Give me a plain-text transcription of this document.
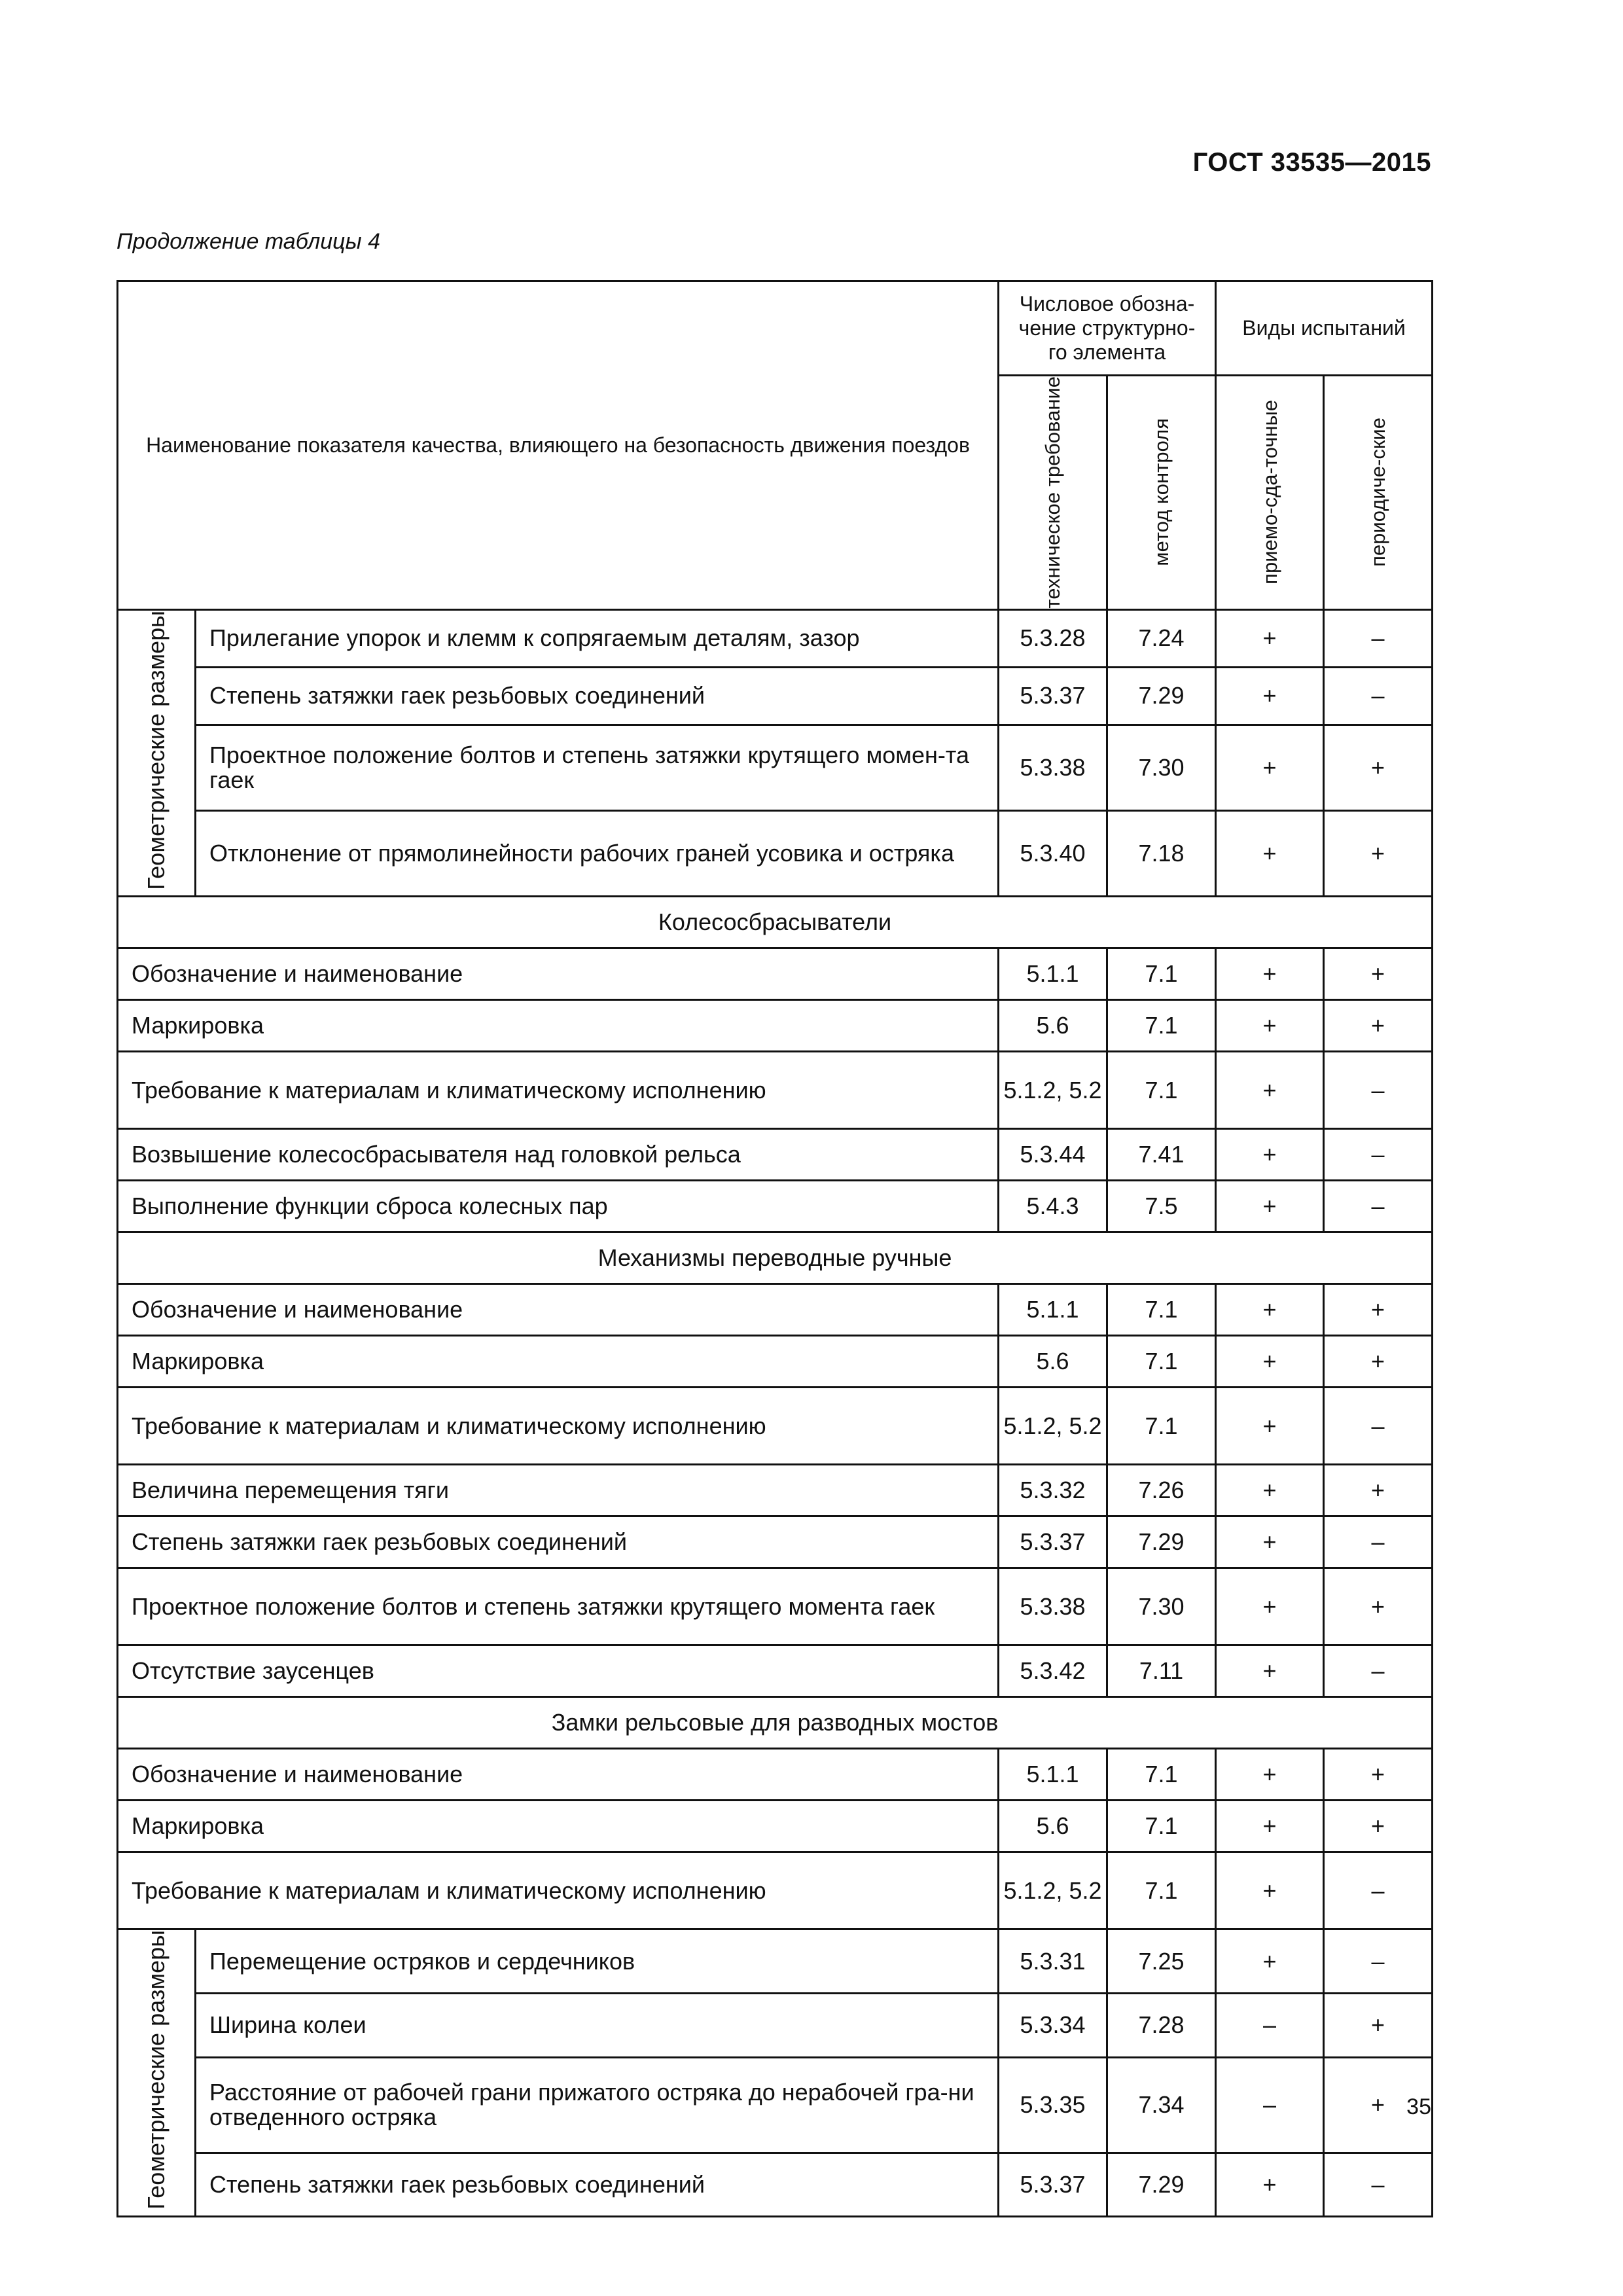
ГОСТ 33535—2015
Продолжение таблицы 4
Наименование показателя качества, влияющего на безопасность движения поездов		Числовое обозна-чение структурно-го элемента		Виды испытаний	

		техническое требование	метод контроля	приемо-сда-точные	периодиче-ские

Геометрические размеры	Прилегание упорок и клемм к сопрягаемым деталям, зазор	5.3.28	7.24	+	–
	Степень затяжки гаек резьбовых соединений	5.3.37	7.29	+	–
	Проектное положение болтов и степень затяжки крутящего момен-та гаек	5.3.38	7.30	+	+
	Отклонение от прямолинейности рабочих граней усовика и остряка	5.3.40	7.18	+	+
Колесосбрасыватели					
Обозначение и наименование		5.1.1	7.1	+	+
Маркировка		5.6	7.1	+	+
Требование к материалам и климатическому исполнению		5.1.2, 5.2	7.1	+	–
Возвышение колесосбрасывателя над головкой рельса		5.3.44	7.41	+	–
Выполнение функции сброса колесных пар		5.4.3	7.5	+	–
Механизмы переводные ручные					
Обозначение и наименование		5.1.1	7.1	+	+
Маркировка		5.6	7.1	+	+
Требование к материалам и климатическому исполнению		5.1.2, 5.2	7.1	+	–
Величина перемещения тяги		5.3.32	7.26	+	+
Степень затяжки гаек резьбовых соединений		5.3.37	7.29	+	–
Проектное положение болтов и степень затяжки крутящего момента гаек		5.3.38	7.30	+	+
Отсутствие заусенцев		5.3.42	7.11	+	–
Замки рельсовые для разводных мостов					
Обозначение и наименование		5.1.1	7.1	+	+
Маркировка		5.6	7.1	+	+
Требование к материалам и климатическому исполнению		5.1.2, 5.2	7.1	+	–
Геометрические размеры	Перемещение остряков и сердечников	5.3.31	7.25	+	–
	Ширина колеи	5.3.34	7.28	–	+
	Расстояние от рабочей грани прижатого остряка до нерабочей гра-ни отведенного остряка	5.3.35	7.34	–	+
	Степень затяжки гаек резьбовых соединений	5.3.37	7.29	+	–
35
